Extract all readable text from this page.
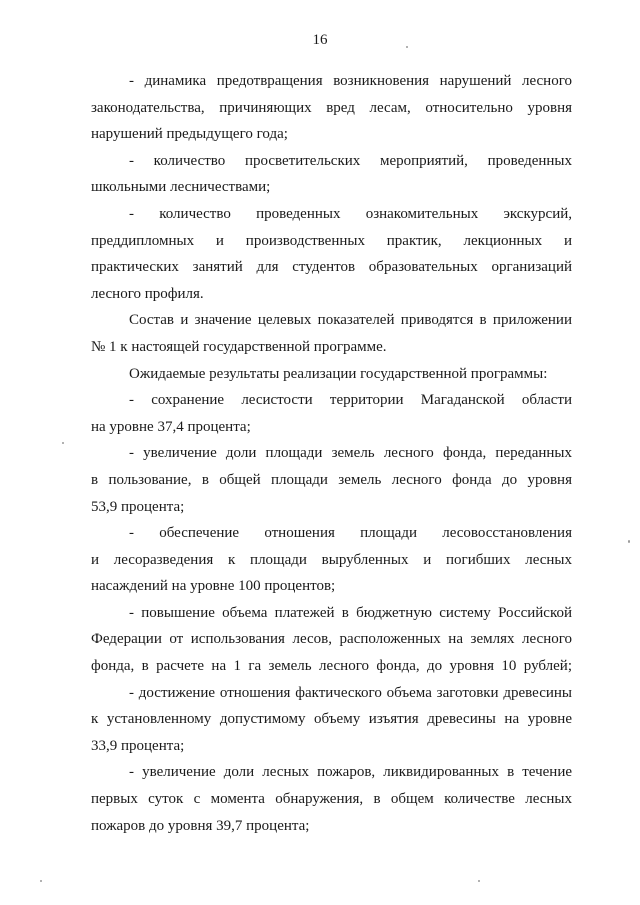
16
- динамика предотвращения возникновения нарушений лесного
законодательства, причиняющих вред лесам, относительно уровня
нарушений предыдущего года;
- количество просветительских мероприятий, проведенных
школьными лесничествами;
- количество проведенных ознакомительных экскурсий,
преддипломных и производственных практик, лекционных и
практических занятий для студентов образовательных организаций
лесного профиля.
Состав и значение целевых показателей приводятся в приложении
№ 1 к настоящей государственной программе.
Ожидаемые результаты реализации государственной программы:
- сохранение лесистости территории Магаданской области
на уровне 37,4 процента;
- увеличение доли площади земель лесного фонда, переданных
в пользование, в общей площади земель лесного фонда до уровня
53,9 процента;
- обеспечение отношения площади лесовосстановления
и лесоразведения к площади вырубленных и погибших лесных
насаждений на уровне 100 процентов;
- повышение объема платежей в бюджетную систему Российской
Федерации от использования лесов, расположенных на землях лесного
фонда, в расчете на 1 га земель лесного фонда, до уровня 10 рублей;
- достижение отношения фактического объема заготовки древесины
к установленному допустимому объему изъятия древесины на уровне
33,9 процента;
- увеличение доли лесных пожаров, ликвидированных в течение
первых суток с момента обнаружения, в общем количестве лесных
пожаров до уровня 39,7 процента;
